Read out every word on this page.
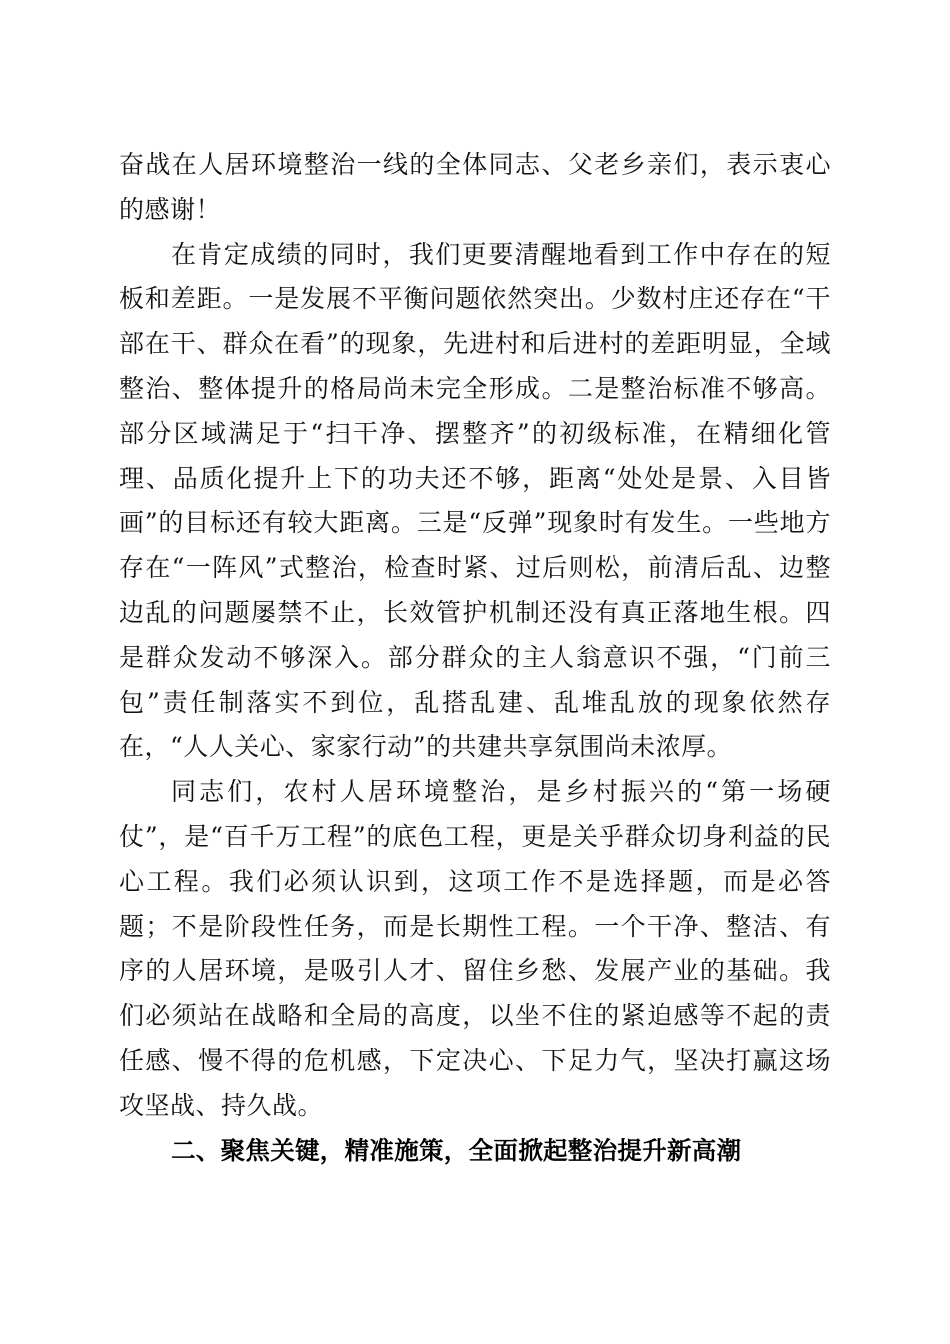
奋战在人居环境整治一线的全体同志、父老乡亲们，表示衷心的感谢！

在肯定成绩的同时，我们更要清醒地看到工作中存在的短板和差距。一是发展不平衡问题依然突出。少数村庄还存在“干部在干、群众在看”的现象，先进村和后进村的差距明显，全域整治、整体提升的格局尚未完全形成。二是整治标准不够高。部分区域满足于“扫干净、摆整齐”的初级标准，在精细化管理、品质化提升上下的功夫还不够，距离“处处是景、入目皆画”的目标还有较大距离。三是“反弹”现象时有发生。一些地方存在“一阵风”式整治，检查时紧、过后则松，前清后乱、边整边乱的问题屡禁不止，长效管护机制还没有真正落地生根。四是群众发动不够深入。部分群众的主人翁意识不强，“门前三包”责任制落实不到位，乱搭乱建、乱堆乱放的现象依然存在，“人人关心、家家行动”的共建共享氛围尚未浓厚。

同志们，农村人居环境整治，是乡村振兴的“第一场硬仗”，是“百千万工程”的底色工程，更是关乎群众切身利益的民心工程。我们必须认识到，这项工作不是选择题，而是必答题；不是阶段性任务，而是长期性工程。一个干净、整洁、有序的人居环境，是吸引人才、留住乡愁、发展产业的基础。我们必须站在战略和全局的高度，以坐不住的紧迫感等不起的责任感、慢不得的危机感，下定决心、下足力气，坚决打赢这场攻坚战、持久战。

二、聚焦关键，精准施策，全面掀起整治提升新高潮
